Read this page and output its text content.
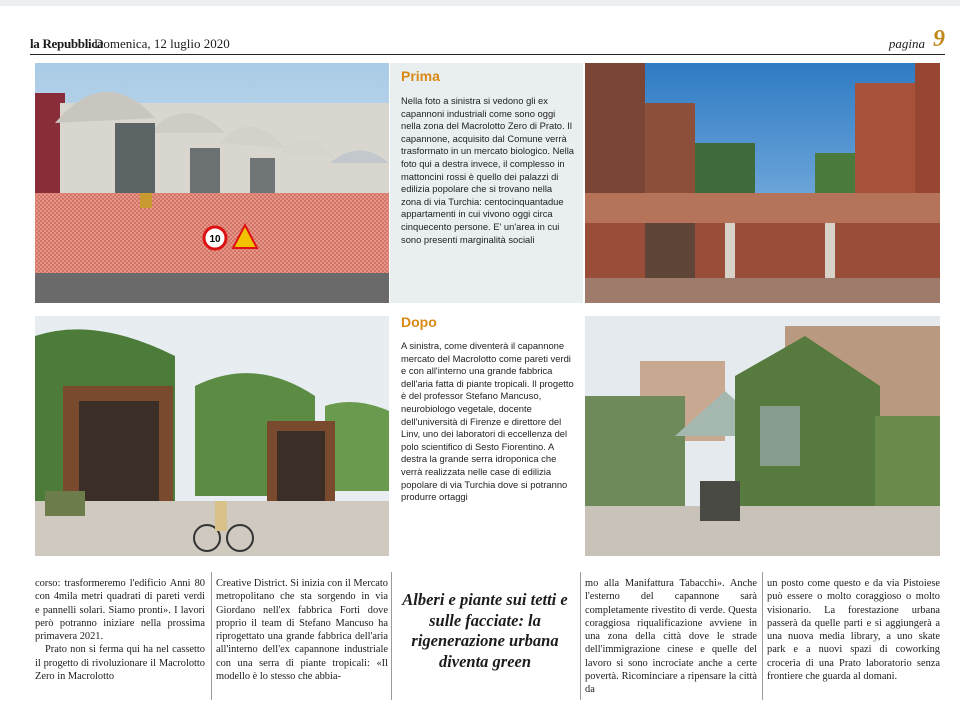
la Repubblica
Domenica, 12 luglio 2020	pagina 9
10
Prima

Nella foto a sinistra si vedono gli ex capannoni industriali come sono oggi nella zona del Macrolotto Zero di Prato. Il capannone, acquisito dal Comune verrà trasformato in un mercato biologico. Nella foto qui a destra invece, il complesso in mattoncini rossi è quello dei palazzi di edilizia popolare che si trovano nella zona di via Turchia: centocinquantadue appartamenti in cui vivono oggi circa cinquecento persone. E' un'area in cui sono presenti marginalità sociali

Dopo

A sinistra, come diventerà il capannone mercato del Macrolotto come pareti verdi e con all'interno una grande fabbrica dell'aria fatta di piante tropicali. Il progetto è del professor Stefano Mancuso, neurobiologo vegetale, docente dell'università di Firenze e direttore del Linv, uno dei laboratori di eccellenza del polo scientifico di Sesto Fiorentino. A destra la grande serra idroponica che verrà realizzata nelle case di edilizia popolare di via Turchia dove si potranno produrre ortaggi

corso: trasformeremo l'edificio Anni 80 con 4mila metri quadrati di pareti verdi e pannelli solari. Siamo pronti». I lavori però potranno iniziare nella prossima primavera 2021.

Prato non si ferma qui ha nel cassetto il progetto di rivoluzionare il Macrolotto Zero in Macrolotto

Creative District. Si inizia con il Mercato metropolitano che sta sorgendo in via Giordano nell'ex fabbrica Forti dove proprio il team di Stefano Mancuso ha riprogettato una grande fabbrica dell'aria all'interno dell'ex capannone industriale con una serra di piante tropicali: «Il modello è lo stesso che abbia-

Alberi e piante sui tetti e sulle facciate: la rigenerazione urbana diventa green

mo alla Manifattura Tabacchi». Anche l'esterno del capannone sarà completamente rivestito di verde. Questa coraggiosa riqualificazione avviene in una zona della città dove le strade dell'immigrazione cinese e quelle del lavoro si sono incrociate anche a certe povertà. Ricominciare a ripensare la città da

un posto come questo e da via Pistoiese può essere o molto coraggioso o molto visionario. La forestazione urbana passerà da quelle parti e si aggiungerà a una nuova media library, a uno skate park e a nuovi spazi di coworking crocerìa di una Prato laboratorio senza frontiere che guarda al domani.
